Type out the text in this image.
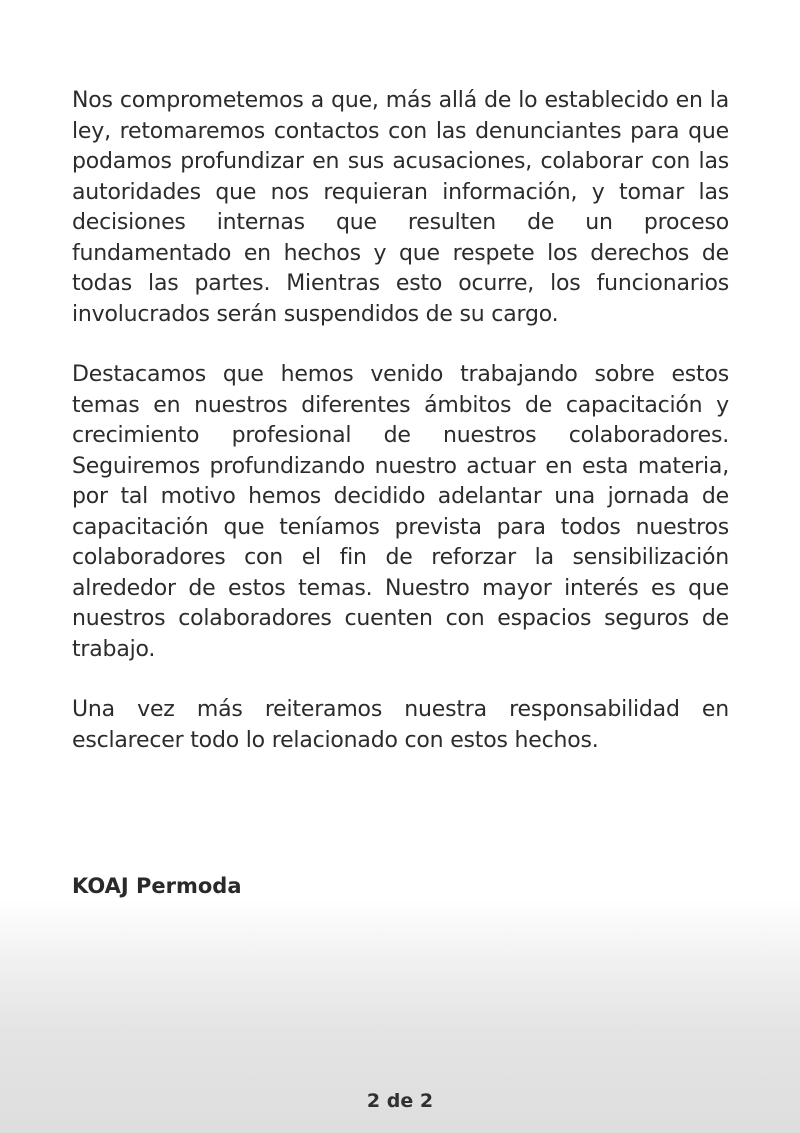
Nos comprometemos a que, más allá de lo establecido en la ley, retomaremos contactos con las denunciantes para que podamos profundizar en sus acusaciones, colaborar con las autoridades que nos requieran información, y tomar las decisiones internas que resulten de un proceso fundamentado en hechos y que respete los derechos de todas las partes. Mientras esto ocurre, los funcionarios involucrados serán suspendidos de su cargo.

Destacamos que hemos venido trabajando sobre estos temas en nuestros diferentes ámbitos de capacitación y crecimiento profesional de nuestros colaboradores. Seguiremos profundizando nuestro actuar en esta materia, por tal motivo hemos decidido adelantar una jornada de capacitación que teníamos prevista para todos nuestros colaboradores con el fin de reforzar la sensibilización alrededor de estos temas. Nuestro mayor interés es que nuestros colaboradores cuenten con espacios seguros de trabajo.

Una vez más reiteramos nuestra responsabilidad en esclarecer todo lo relacionado con estos hechos.

KOAJ Permoda

2 de 2
